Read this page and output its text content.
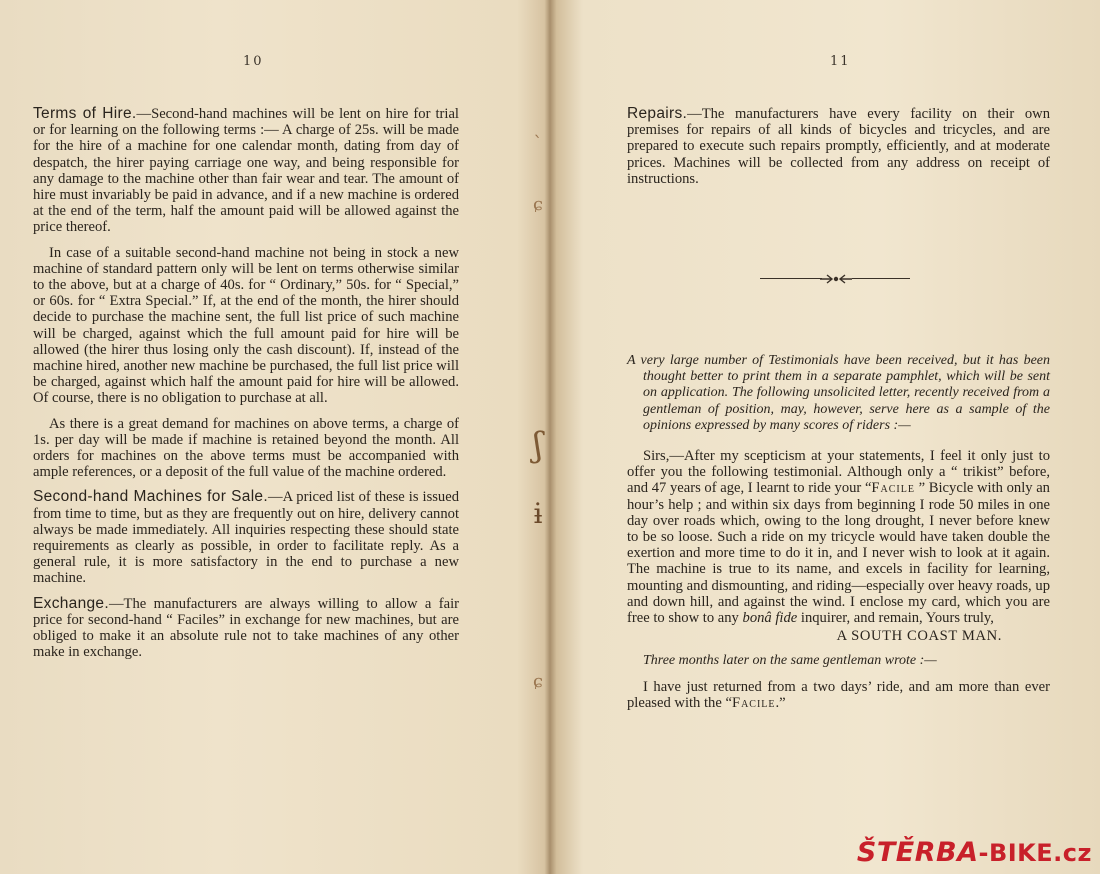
ˋ
ɕ
ʃ
ɨ
ɕ
10	11

Terms of Hire.—Second-hand machines will be lent on hire for trial or for learning on the following terms :— A charge of 25s. will be made for the hire of a machine for one calendar month, dating from day of despatch, the hirer paying carriage one way, and being responsible for any damage to the machine other than fair wear and tear. The amount of hire must invariably be paid in advance, and if a new machine is ordered at the end of the term, half the amount paid will be allowed against the price thereof.

In case of a suitable second-hand machine not being in stock a new machine of standard pattern only will be lent on terms otherwise similar to the above, but at a charge of 40s. for “ Ordinary,” 50s. for “ Special,” or 60s. for “ Extra Special.” If, at the end of the month, the hirer should decide to purchase the machine sent, the full list price of such machine will be charged, against which the full amount paid for hire will be allowed (the hirer thus losing only the cash discount). If, instead of the machine hired, another new machine be purchased, the full list price will be charged, against which half the amount paid for hire will be allowed. Of course, there is no obligation to purchase at all.

As there is a great demand for machines on above terms, a charge of 1s. per day will be made if machine is retained beyond the month. All orders for machines on the above terms must be accompanied with ample references, or a deposit of the full value of the machine ordered.

Second-hand Machines for Sale.—A priced list of these is issued from time to time, but as they are frequently out on hire, delivery cannot always be made immediately. All inquiries respecting these should state requirements as clearly as possible, in order to facilitate reply. As a general rule, it is more satisfactory in the end to purchase a new machine.

Exchange.—The manufacturers are always willing to allow a fair price for second-hand “ Faciles” in exchange for new machines, but are obliged to make it an absolute rule not to take machines of any other make in exchange.

Repairs.—The manufacturers have every facility on their own premises for repairs of all kinds of bicycles and tricycles, and are prepared to execute such repairs promptly, efficiently, and at moderate prices. Machines will be collected from any address on receipt of instructions.

A very large number of Testimonials have been received, but it has been thought better to print them in a separate pamphlet, which will be sent on application. The following unsolicited letter, recently received from a gentleman of position, may, however, serve here as a sample of the opinions expressed by many scores of riders :—

Sirs,—After my scepticism at your statements, I feel it only just to offer you the following testimonial. Although only a “ trikist” before, and 47 years of age, I learnt to ride your “Facile ” Bicycle with only an hour’s help ; and within six days from beginning I rode 50 miles in one day over roads which, owing to the long drought, I never before knew to be so loose. Such a ride on my tricycle would have taken double the exertion and more time to do it in, and I never wish to look at it again. The machine is true to its name, and excels in facility for learning, mounting and dismounting, and riding—especially over heavy roads, up and down hill, and against the wind. I enclose my card, which you are free to show to any bonâ fide inquirer, and remain, Yours truly,

A SOUTH COAST MAN.

Three months later on the same gentleman wrote :—

I have just returned from a two days’ ride, and am more than ever pleased with the “Facile.”

ŠTĚRBA-BIKE.cz
